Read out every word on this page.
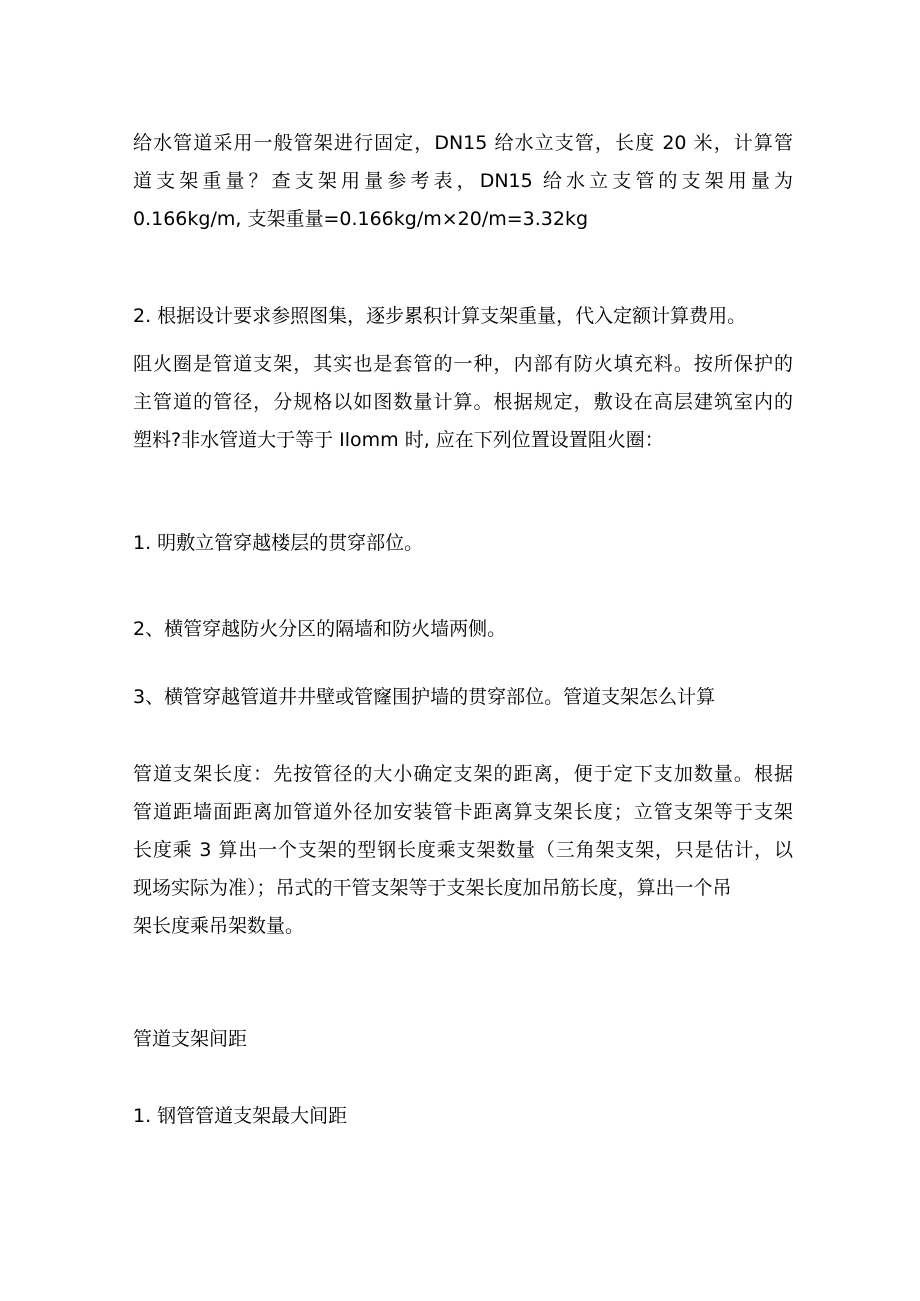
给水管道采用一般管架进行固定，DN15 给水立支管，长度 20 米，计算管
道支架重量？查支架用量参考表，DN15 给水立支管的支架用量为
0.166kg/m, 支架重量=0.166kg/m×20/m=3.32kg

2. 根据设计要求参照图集，逐步累积计算支架重量，代入定额计算费用。

阻火圈是管道支架，其实也是套管的一种，内部有防火填充料。按所保护的
主管道的管径，分规格以如图数量计算。根据规定，敷设在高层建筑室内的
塑料?非水管道大于等于 Ilomm 时, 应在下列位置设置阻火圈：

1. 明敷立管穿越楼层的贯穿部位。

2、横管穿越防火分区的隔墙和防火墙两侧。

3、横管穿越管道井井壁或管窿围护墙的贯穿部位。管道支架怎么计算

管道支架长度：先按管径的大小确定支架的距离，便于定下支加数量。根据
管道距墙面距离加管道外径加安装管卡距离算支架长度；立管支架等于支架
长度乘 3 算出一个支架的型钢长度乘支架数量（三角架支架，只是估计，以
现场实际为准）；吊式的干管支架等于支架长度加吊筋长度，算出一个吊
架长度乘吊架数量。

管道支架间距

1. 钢管管道支架最大间距
